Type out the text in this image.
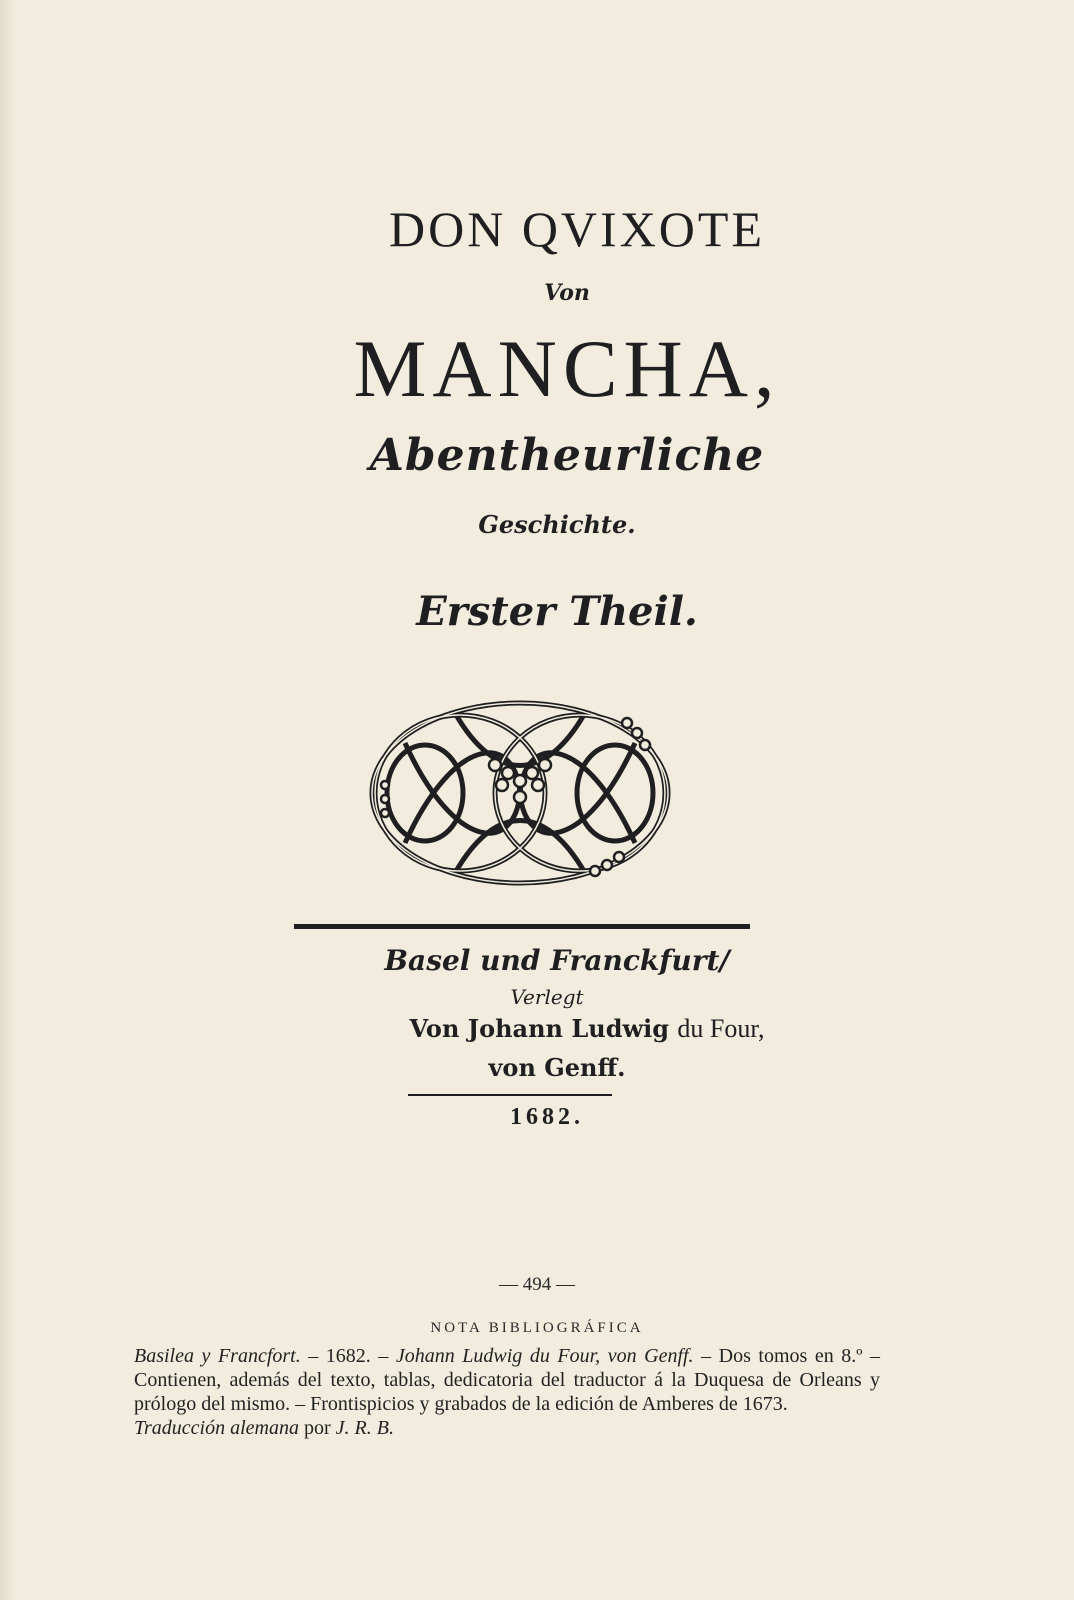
DON QVIXOTE
Von
MANCHA,
Abentheurliche
Geschichte.
Erster Theil.
Basel und Franckfurt/
Verlegt
Von Johann Ludwig du Four,
von Genff.
1682.
— 494 —
NOTA BIBLIOGRÁFICA

Basilea y Francfort. – 1682. – Johann Ludwig du Four, von Genff. – Dos tomos en 8.º – Contienen, además del texto, tablas, dedicatoria del traductor á la Duquesa de Orleans y prólogo del mismo. – Frontispicios y grabados de la edición de Amberes de 1673.

Traducción alemana por J. R. B.
